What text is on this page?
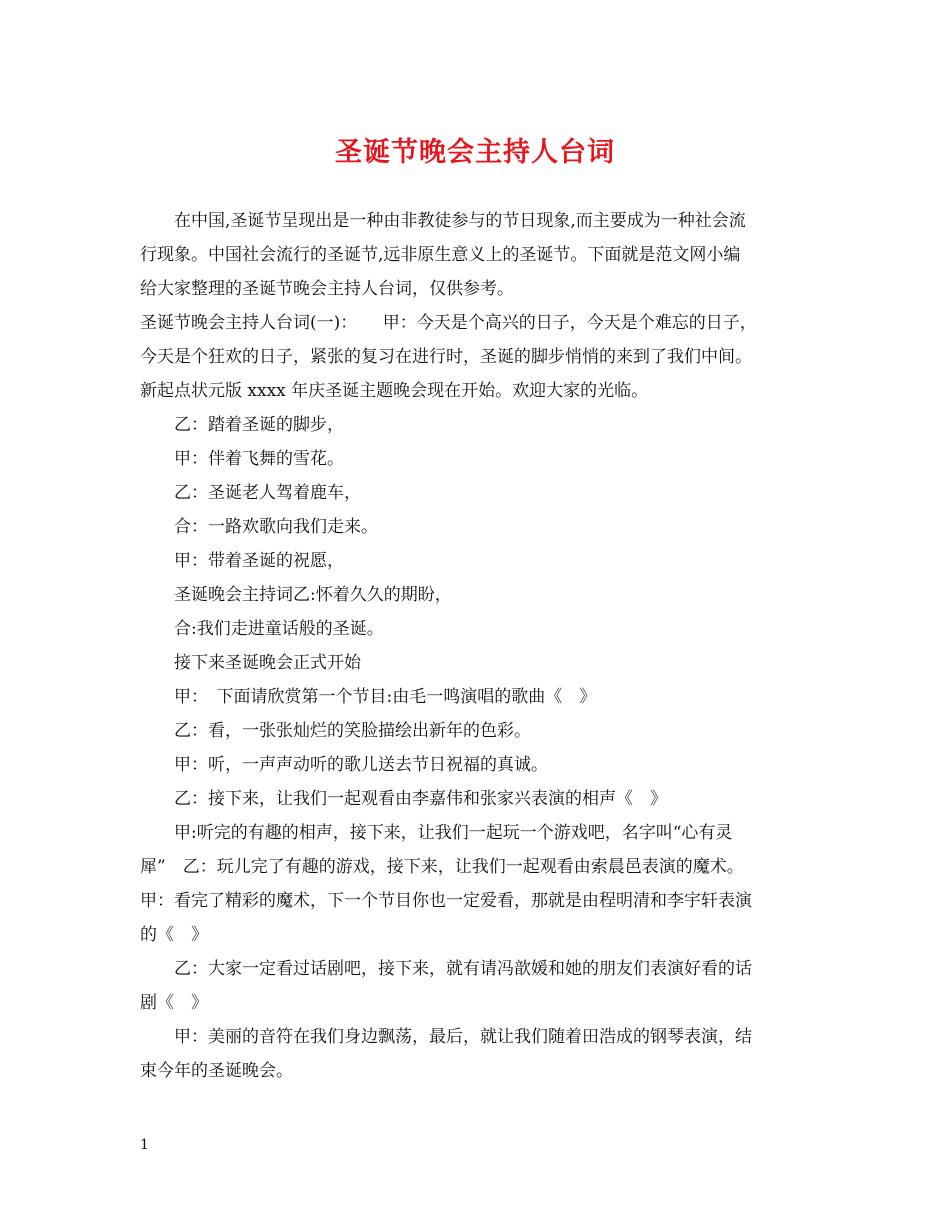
圣诞节晚会主持人台词

在中国,圣诞节呈现出是一种由非教徒参与的节日现象,而主要成为一种社会流

行现象。中国社会流行的圣诞节,远非原生意义上的圣诞节。下面就是范文网小编

给大家整理的圣诞节晚会主持人台词，仅供参考。

圣诞节晚会主持人台词(一)：　　甲：今天是个高兴的日子，今天是个难忘的日子，

今天是个狂欢的日子，紧张的复习在进行时，圣诞的脚步悄悄的来到了我们中间。

新起点状元版 xxxx 年庆圣诞主题晚会现在开始。欢迎大家的光临。

乙：踏着圣诞的脚步，

甲：伴着飞舞的雪花。

乙：圣诞老人驾着鹿车，

合：一路欢歌向我们走来。

甲：带着圣诞的祝愿，

圣诞晚会主持词乙:怀着久久的期盼，

合:我们走进童话般的圣诞。

接下来圣诞晚会正式开始

甲：　下面请欣赏第一个节目:由毛一鸣演唱的歌曲《　》

乙：看，一张张灿烂的笑脸描绘出新年的色彩。

甲：听，一声声动听的歌儿送去节日祝福的真诚。

乙：接下来，让我们一起观看由李嘉伟和张家兴表演的相声《　》

甲:听完的有趣的相声，接下来，让我们一起玩一个游戏吧，名字叫“心有灵

犀”　乙：玩儿完了有趣的游戏，接下来，让我们一起观看由索晨邑表演的魔术。

甲：看完了精彩的魔术，下一个节目你也一定爱看，那就是由程明清和李宇轩表演

的《　》

乙：大家一定看过话剧吧，接下来，就有请冯歆媛和她的朋友们表演好看的话

剧《　》

甲：美丽的音符在我们身边飘荡，最后，就让我们随着田浩成的钢琴表演，结

束今年的圣诞晚会。

1
